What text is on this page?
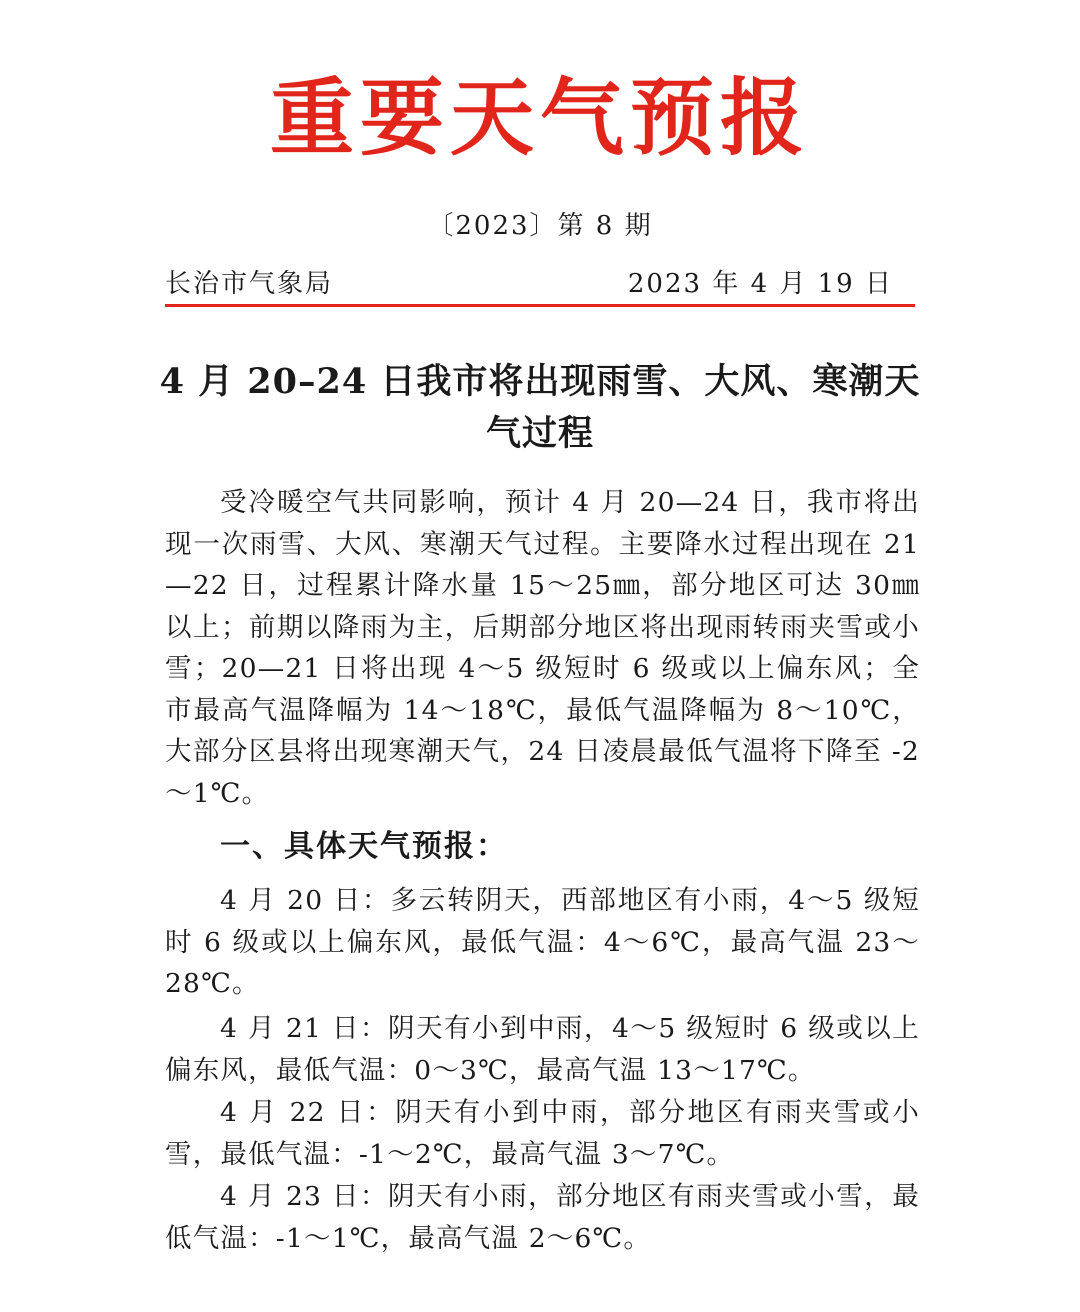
重要天气预报
〔2023〕第 8 期
长治市气象局	2023 年 4 月 19 日
4 月 20–24 日我市将出现雨雪、大风、寒潮天气过程

受冷暖空气共同影响，预计 4 月 20—24 日，我市将出现一次雨雪、大风、寒潮天气过程。主要降水过程出现在 21—22 日，过程累计降水量 15～25㎜，部分地区可达 30㎜以上；前期以降雨为主，后期部分地区将出现雨转雨夹雪或小雪；20—21 日将出现 4～5 级短时 6 级或以上偏东风；全市最高气温降幅为 14～18℃，最低气温降幅为 8～10℃，大部分区县将出现寒潮天气，24 日凌晨最低气温将下降至 -2～1℃。

一、具体天气预报：

4 月 20 日：多云转阴天，西部地区有小雨，4～5 级短时 6 级或以上偏东风，最低气温：4～6℃，最高气温 23～28℃。

4 月 21 日：阴天有小到中雨，4～5 级短时 6 级或以上偏东风，最低气温：0～3℃，最高气温 13～17℃。

4 月 22 日：阴天有小到中雨，部分地区有雨夹雪或小雪，最低气温：-1～2℃，最高气温 3～7℃。

4 月 23 日：阴天有小雨，部分地区有雨夹雪或小雪，最低气温：-1～1℃，最高气温 2～6℃。
